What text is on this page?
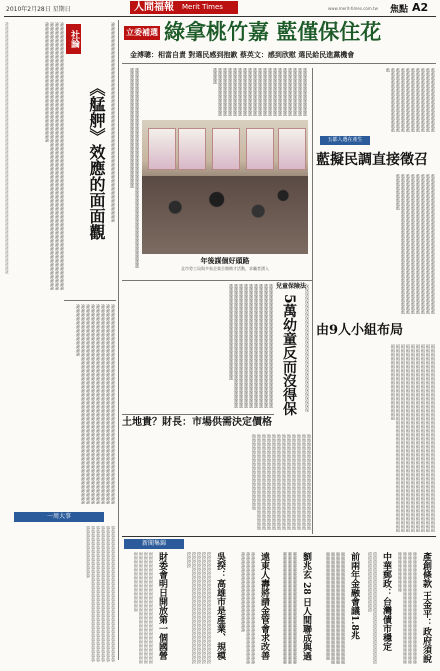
2010年2月28日 星期日	人間福報 Merit Times	www.merit-times.com.tw 焦點 A2
社社社社社社社社社社社社社社社社社社社社社社社社社社社社社社社社社社社社社社社社社社社社社社社社社社社社社社社社社社社社社社社	論論論論論論論論論論論論論論論論論論論論論論論論論論論論論論論論論論論論論論論論論論論論論論論論論論論論論論論論論論論論論論論論論論論論論論論論論論論論論論論論論論論論論論論論論論論論論論論論論論論論論論論論論論論論論論論論論論論論論論論論論論論論論論論論論論論論論論論論論論論論論論論論論論論論論論論論論論論論論論論論論論論論論論論論論論論論論論論論論論論論論論論論論論論論論論論論論論論論論論論論論論論論論論論論論論論論論論論論論論論論論論論論論論論論論論論	社論
《艋舺》效應的面面觀	論論論論論論論論論論論論論論論論論論論論論論論論論論論論論論論論論論論論論論論論論論論論論論論論論論
論論論論論論論論論論論論論論論論論論論論論論論論論論論論論論論論論論論論論論論論論論論論論論論論論論論論論論論論論論論論論論論論論論論論論論論論論論論論論論論論論論論論論論論論論論論論論論論論論論論論論論論論論論論論論論論論論論論論論論論論論論論論論論論論論論論論論論論論論論論論論論論論論論論論論論論論論論論論論論論論論論論論論論論論論論論論論論論論論論論論論論論論論論論論論論論論論論論論論論論論論論論論論論論論論論論論論論論論論論論論論論論論論論論論論論論論論論論論論論論論論論論論論論論論論論論論論論論論論論論論論論論論論論論論論論論論論論論論論論論論論論論論論論論論論論論論論論論論論論論論論論論論論論論論論論論論論論論論論論論論論論論論論論論論論論論論論論論論論論論論論論論論論論論論論論論論論論論論論論論論論論論
一周大事
事事事事事事事事事事事事事事事事事事事事事事事事事事事事事事事事事事事事事事事事事事事事事事事事事事事事事事事事事事事事事事事事事事事事事事事事事事事事事事事事事事事事事事事事事事事事事事事事事事事事事事事事事事事事事事事事事事事事事事事事事事事事事事事事事事事事事事事事事事事事事事事事事事事事事事事事事事事事事事事事事事事事事事事事事事事事事事事事事事事事事事事
立委補選 綠拿桃竹嘉 藍僅保住花
金溥聰：相當自責 對選民感到抱歉 蔡英文：感到欣慰 選民給民進黨機會
選選選選選選選選選選選選選選選選選選選選選選選選選選選選選選選選選選選選選選選選選選選選選選選選選選選選選選選選選選選選選選選選選選選選選選選選選選選選選選選選	選選選選選選選選選選選選選選選選選選選選選選選選選選選選選選選選選選選選選選選選選選選選選選選選選選選選選選選選選選選選選選選選選選選選選選選選選選選選選選選選選選選選選選選選選選選選選選選選選選選選選選選選選選選選選選選選選選選選選選選選選選選選選選選選選選選選選選選選選選選選選選選選選選選選選選選選選選選選選選選選選選選選選選選選選選選選選選選選選選選選選選選選選選選選選選選選選選選選選選選選選選選選選選選選選選選選選選選選選選選選
年後謀個好頭路
北市勞工局與多家企業合辦徵才活動，求職者湧入
選選選選選選選選選選選選選選選選選選選選選選選選選選選選選選選選選選選選選選選選選選選選選選選選選選選選選選選選選選選選選選選選選選選選選選選選選選選選選選選選選選選選選選選選選選選選選選選選選選選選選選選選選選選選選選選選選選選選選選選選選選選選選選選選選選選選選選選選選選選選選選選選選選選選選選選選選選選選選選選選選選選選選選選選選選選選選選選選選選選選選選選選選選選選選選選選選選選選選選選選選選選選選選選選選選選選選選選選選選選選選選選選選選選選選選選選選選選選選選選選選選選選選選選選選選選選選選選選選選選選選選選選選選選選選選選選	兒童保險法
5萬幼童反而沒得保	保保保保保保保保保保保保保保保保保保保保保保保保保保保保保保保保
土地貴？財長：市場供需決定價格
地地地地地地地地地地地地地地地地地地地地地地地地地地地地地地地地地地地地地地地地地地地地地地地地地地地地地地地地地地地地地地地地地地地地地地地地地地地地地地地地地地地地地地地地地地地地地地地地地地地地地地地地地地地地地地地地地地地地地地地地地地地地地地地地地地地地地地地地地地地地地地地地地地地地地地地地地地地地地地地地地地地地地地地地地地地地地地地地地地地地地地地地地地地地地地地地地地地地地地地地地地地地地地地地地地地地地地地地地地地地地地地地地地地地地地地地地地地地地地地地地地地地地地地地地地地地地地地地地地地地地地地地地地地地地地地地地地地地地地地地地地地
藍藍藍藍藍藍藍藍藍藍藍藍藍藍藍藍藍藍藍藍藍藍藍藍藍藍藍藍藍藍藍藍藍藍藍藍藍藍藍藍藍藍藍藍藍藍藍藍藍藍藍藍藍藍藍藍藍藍藍藍藍藍藍藍藍藍藍藍藍藍藍藍藍藍藍藍藍藍藍藍藍藍藍藍藍藍藍藍藍藍藍藍藍藍藍藍藍藍藍藍藍藍藍藍藍藍藍藍藍藍藍藍藍藍藍藍藍藍藍藍藍藍藍藍藍藍藍藍藍藍藍藍藍藍藍藍藍藍藍藍藍藍藍藍藍
五都人選在產生
藍擬民調直接徵召
藍藍藍藍藍藍藍藍藍藍藍藍藍藍藍藍藍藍藍藍藍藍藍藍藍藍藍藍藍藍藍藍藍藍藍藍藍藍藍藍藍藍藍藍藍藍藍藍藍藍藍藍藍藍藍藍藍藍藍藍藍藍藍藍藍藍藍藍藍藍藍藍藍藍藍藍藍藍藍藍藍藍藍藍藍藍藍藍藍藍藍藍藍藍藍藍藍藍藍藍藍藍藍藍藍藍藍藍藍藍藍藍藍藍藍藍藍藍藍藍藍藍藍藍藍藍藍藍藍藍藍藍藍藍藍藍藍藍藍藍藍藍藍藍藍藍藍藍藍藍藍藍藍藍藍藍藍藍藍藍藍藍藍藍藍藍藍藍藍藍藍藍藍藍藍藍藍藍藍藍藍藍藍藍藍藍藍藍藍藍藍藍藍藍藍藍藍藍藍藍藍藍藍藍藍藍藍藍藍藍藍藍藍藍藍藍藍藍藍藍藍藍藍藍藍藍藍藍藍藍藍藍藍藍藍藍藍藍藍藍藍藍藍藍藍藍藍藍藍藍藍藍藍藍
由9人小組布局
組組組組組組組組組組組組組組組組組組組組組組組組組組組組組組組組組組組組組組組組組組組組組組組組組組組組組組組組組組組組組組組組組組組組組組組組組組組組組組組組組組組組組組組組組組組組組組組組組組組組組組組組組組組組組組組組組組組組組組組組組組組組組組組組組組組組組組組組組組組組組組組組組組組組組組組組組組組組組組組組組組組組組組組組組組組組組組組組組組組組組組組組組組組組組組組組組組組組組組組組組組組組組組組組組組組組組組組組組組組組組組組組組組組組組組組組組組組組組組組組組組組組組組組組組組組組組組組組組組組組組組組組組組組組組組組組組組組組組組組組組組組組組組組組組組組組組組組組組組組組組組組組組組組組組組組組組組組組組組組組組組組組組組組組組組組組組組組組組組組組組組組組組組組組組組組組組組組組組組組組組組組組組組組組組組組組組組組組組組組組組組組組組組組組組組組組組組組
新聞集錦
產創條款 王金平：政府須說
條條條條條條條條條條條條條條條條條條條條條條條條條條條條條條條條條條條條條條條條條條條條條條條條條條條條條條條條條條條條條條條條條條條條條條條條條條條條條條條條條條條條條條條條條條條條條條
中華郵政：台灣債市穩定
債債債債債債債債債債債債債債債債債債債債債債債債債債債債債債債債債債債債債債債債債債債
前兩年金融會議1.8兆
融融融融融融融融融融融融融融融融融融融融融融融融融融融融融融融融融融融融融融融融融融融融融融融融融融融融融融融融融融融融融融融融融融融融融融融融融融融融融融融融融融融融融融融融融融融融融融融融融融融融融融融融融融融融融融融
劉兆玄 28 日人間聯成與過
聯聯聯聯聯聯聯聯聯聯聯聯聯聯聯聯聯聯聯聯聯聯聯聯聯聯聯聯聯聯聯聯聯聯聯聯聯聯聯聯聯聯聯聯聯聯聯聯聯聯聯聯聯聯聯聯聯聯聯聯聯聯聯聯聯聯聯聯聯聯聯聯聯聯聯聯聯聯聯聯聯聯聯聯
遠東人壽將請金管會求改善
壽壽壽壽壽壽壽壽壽壽壽壽壽壽壽壽壽壽壽壽壽壽壽壽壽壽壽壽壽壽壽壽壽壽壽壽壽壽壽壽壽壽壽壽壽壽壽壽壽壽壽壽壽壽壽壽壽壽壽壽壽壽壽壽壽壽壽壽壽壽壽壽壽壽壽壽
吳揆：高雄市是產業、規模
揆揆揆揆揆揆揆揆揆揆揆揆揆揆揆揆揆揆揆揆揆揆揆揆揆揆揆揆揆揆揆揆揆揆揆揆揆揆揆揆揆揆揆揆揆揆揆揆揆揆揆揆揆揆揆揆揆揆揆揆揆揆揆揆揆揆揆揆揆揆揆揆揆揆揆揆揆揆揆揆揆揆揆揆揆揆揆揆揆揆揆揆揆揆揆揆揆揆揆揆揆揆揆揆揆揆揆揆揆揆揆揆揆揆揆揆
財委會明日開放第一個國營
財財財財財財財財財財財財財財財財財財財財財財財財財財財財財財財財財財財財財財財財財財財財財財財財財財財財財財財財財財財財財財財財財財財財財財財財財財財財財財財財財財財財財財財財財財財財財財財財財財財
